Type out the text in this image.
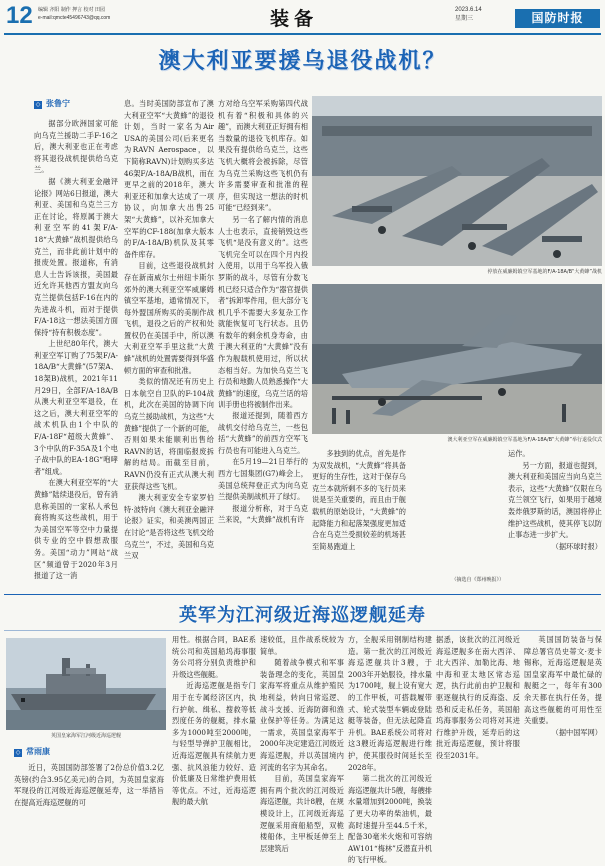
12 编辑 齐阳 制作 押言 校对 田园
e-mail:qmcte45496743@qq.com	装备	2023.6.14
星期三	国防时报
澳大利亚要援乌退役战机？
◇ 张鲁宁

据部分欧洲国家可能向乌克兰援助二手F-16之后，澳大利亚也正在考虑将其退役战机提供给乌克兰。

据《澳大利亚金融评论报》网站6日报道，澳大利亚、美国和乌克兰三方正在讨论，将原属于澳大利亚空军的41架F/A-18“大黄蜂”战机提供给乌克兰，而非此前计划中的报废处置。报道称，有消息人士告诉该报，美国最近允许其他西方盟友向乌克兰提供包括F-16在内的先进战斗机，而对于提供F/A-18这一想法美国方面保持“持有积极态度”。

上世纪80年代，澳大利亚空军订购了75架F/A-18A/B“大黄蜂”(57架A、18架B)战机，2021年11月29日，全部F/A-18A/B从澳大利亚空军退役，在这之后，澳大利亚空军的战术机队由1个中队的F/A-18F“超级大黄蜂”、3个中队的F-35A及1个电子战中队的EA-18G“咆哮者”组成。

在澳大利亚空军的“大黄蜂”陆续退役后，曾有消息称美国的一家私人承包商将购买这些战机，用于为美国空军等空中力量提供专业的空中假想敌服务。美国“动力”网站“战区”频道曾于2020年3月报道了这一消

息。当时美国防部宣布了澳大利亚空军“大黄蜂”的退役计划，当时一家名为Air USA的美国公司(后来更名为RAVN Aerospace，以下简称RAVN)计划购买多达46架F/A-18A/B战机，而在更早之前的2018年，澳大利亚还和加拿大达成了一项协议，向加拿大出售25架“大黄蜂”，以补充加拿大空军的CF-188(加拿大版本的F/A-18A/B)机队及其零备件库存。

目前，这些退役战机封存在新南威尔士州纽卡斯尔郊外的澳大利亚空军威廉姆镇空军基地，通常情况下，每外盟国所购买的美制作战飞机，退役之后的产权和处置权仍在美国手中，所以澳大利亚空军手里这批“大黄蜂”战机的处置需要得到华盛顿方面的审查和批准。

类似的情况还有历史上日本航空自卫队的F-104战机，此次在美国的协调下向乌克兰援助战机，为这些“大黄蜂”提供了一个新的可能，否则如果未能顺利出售给RAVN的话，将面临报废拆解的结局。而截至目前，RAVN仍没有正式从澳大利亚获得这些飞机。

澳大利亚安全专家罗伯特·波特向《澳大利亚金融评论报》证实，和美澳两国正在讨论“是否将这些飞机交给乌克兰”，不过，美国和乌克兰双

方对给乌空军采购第四代战机有着“积极和具体的兴趣”，而澳大利亚正好拥有相当数量的退役飞机库存。如果没有提供给乌克兰，这些飞机大概将会被拆除，尽管为乌克兰采购这些飞机仍有许多需要审查和批准的程序，但实现这一想法的时机可能“已经到来”。

另一名了解内情的消息人士也表示，直接销毁这些飞机“是没有意义的”。这些飞机完全可以在四个月内投入使用，以用于乌军投入俄罗斯的战斗，尽管有分数飞机已经只适合作为“器官提供者”拆卸零件用，但大部分飞机几乎不需要大多复杂工作就能恢复可飞行状态。且仍有数年的剩余机身寿命，由于澳大利亚的“大黄蜂”没有作为舰载机使用过，所以状态相当好。为加快乌克兰飞行员和地勤人员熟悉操作“大黄蜂”的速度，乌克兰话的培训手册也将被制作出来。

报道还提到，随着西方战机交付给乌克兰，一些包括“大黄蜂”的前西方空军飞行员也有可能进入乌克兰。

在5月19—21日举行的西方七国集团(G7)峰会上，美国总统拜登正式为向乌克兰提供美制战机开了绿灯。

报道分析称，对于乌克兰来说，“大黄蜂”战机有许

停放在威廉姆镇空军基地的F/A-18A/B“大黄蜂”战机
澳大利亚空军在威廉姆镇空军基地为F/A-18A/B“大黄蜂”举行退役仪式

多独到的优点，首先是作为双发战机，“大黄蜂”将具备更好的生存性，这对于保存乌克兰本就所剩不多的飞行员来说是至关重要的，而且由于舰载机的原始设计，“大黄蜂”的起降能力和起落架强度更加适合在乌克兰受损较差的机场甚至简易跑道上

运作。

另一方面，报道也提到，澳大利亚和美国应当向乌克兰表示，这些“大黄蜂”仅限在乌克兰领空飞行，如果用于越境轰炸俄罗斯的话，澳国将停止维护这些战机，使其停飞以防止事态进一步扩大。

（据环球时报）

英军为江河级近海巡逻舰延寿
英国皇家海军江河级近海巡逻舰
◇ 常雨康

近日，英国国防部签署了2份总价值3.2亿英镑(约合3.95亿美元)的合同，为英国皇家海军现役的江河级近海巡逻舰延寿，这一举措旨在提高近海巡逻舰的可

用性。根据合同，BAE系统公司和英国船坞海事服务公司将分别负责维护和升级这些舰艇。

近海巡逻舰是指专门用于在专属经济区内，执行护航、缉私、搜救等低烈度任务的舰艇，排水量多为1000吨至2000吨，与轻型导弹护卫舰相比，近海巡逻舰具有续航力更强、抗风浪能力较好、造价低廉及日常维护费用低等优点。不过，近海巡逻舰的最大航

速较低，且作战系统较为简单。

随着战争模式和军事装备理念的变化，英国皇家海军将重点从维护殖民地利益，转向日常巡逻、战斗支援、近海防御和渔业保护等任务。为满足这一需求，英国皇家海军于2000年决定建造江河级近海巡逻舰，并以英国境内河流的名字为其命名。

目前，英国皇家海军拥有两个批次的江河级近海巡逻舰，共计8艘，在规模设计上，江河级近海巡逻舰采用商船船型，双桅楼船体，主甲板延伸至上层建筑后

方，全舰采用钢制结构建造。第一批次的江河级近海巡逻舰共计3艘，于2003年开始服役，排水量为1700吨，舰上设有宽大的工作甲板，可搭载履带式、轮式装型车辆或登陆艇等装备，但无法起降直升机。BAE系统公司将对这3艘近海巡逻舰进行维护，使其服役时间延长至2028年。

第二批次的江河级近海巡逻舰共计5艘，每艘排水量增加到2000吨，换装了更大功率的柴油机，最高时速提升至44.5千米，配备30毫米火炮和可容纳AW101“梅林”反潜直升机的飞行甲板。

据悉，该批次的江河级近海巡逻舰多在南大西洋、北大西洋、加勒比海、地中海和亚太地区常态巡逻，执行此前由护卫舰和驱逐舰执行的反海盗、反恐和反走私任务，英国船坞海事服务公司将对其进行维护升级，延寿后的这批近海巡逻舰，预计将服役至2031年。

英国国防装备与保障总署官员史蒂文·麦卡锡称，近海巡逻舰是英国皇家海军中最忙碌的舰艇之一，每年有300余天都在执行任务，提高这些舰艇的可用性至关重要。

（据中国军网）

（摘选自《郑州晚报》）
